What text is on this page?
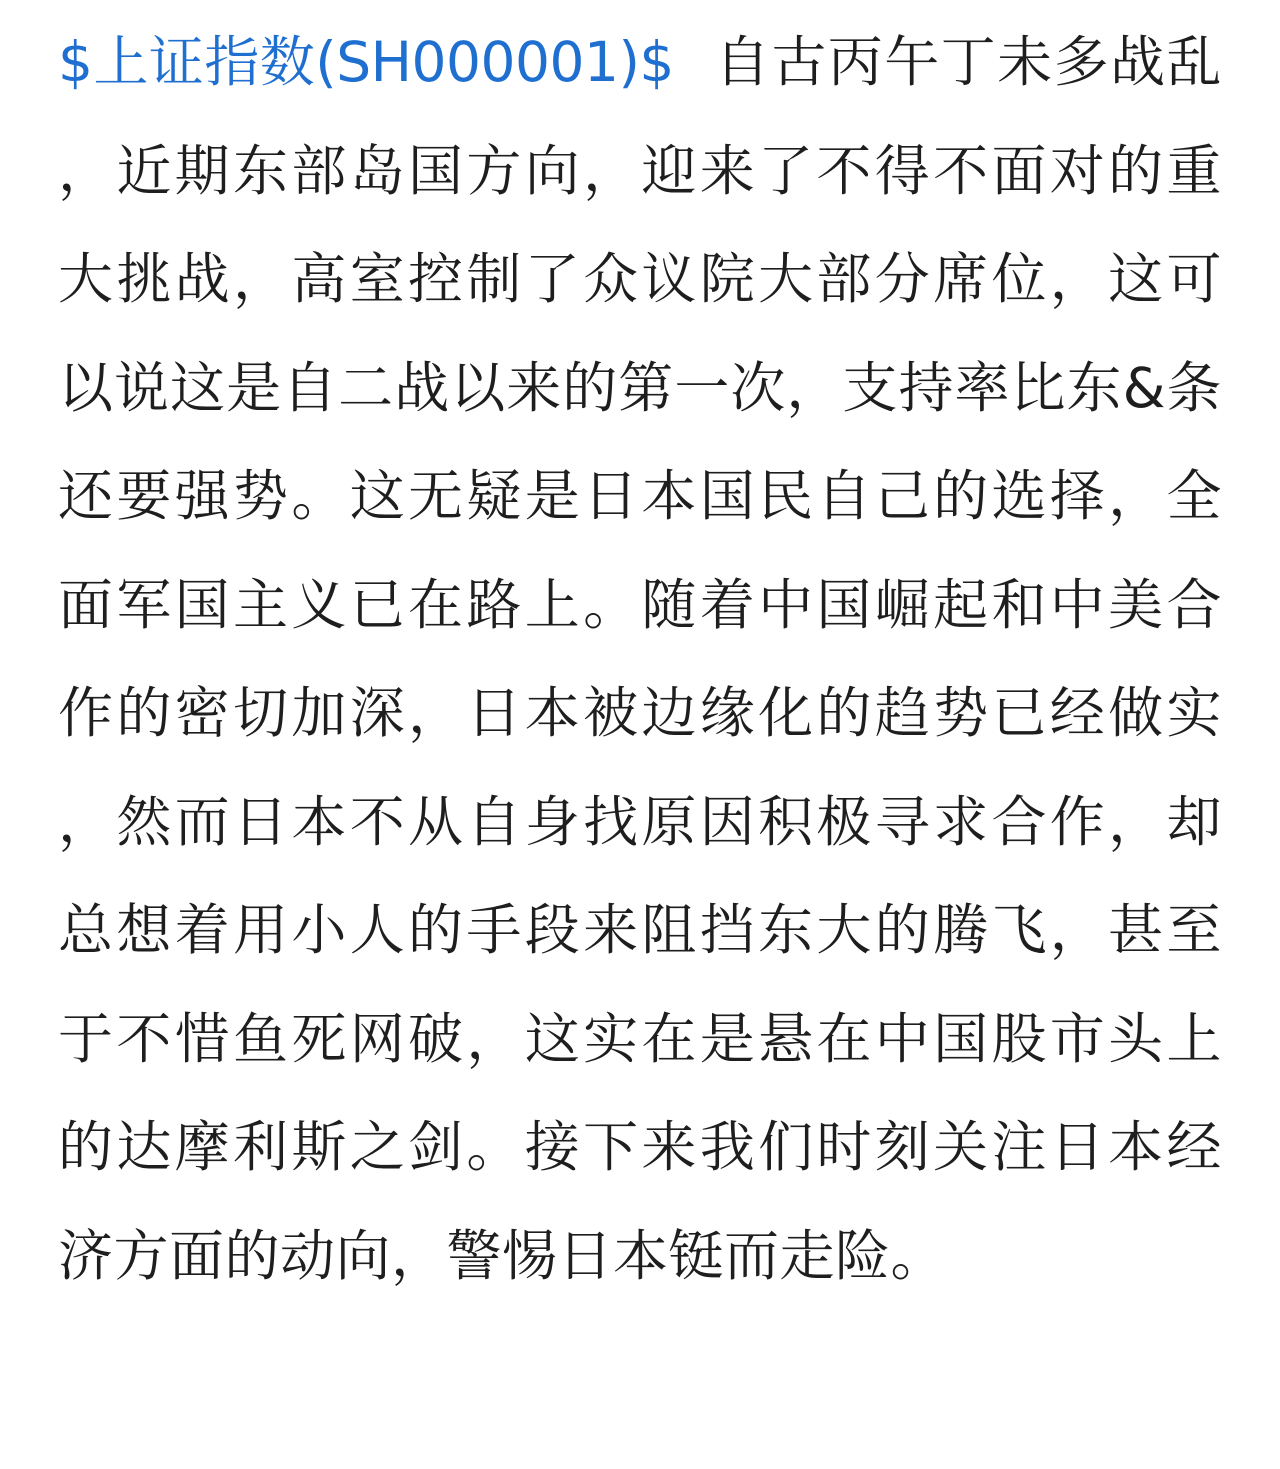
$上证指数(SH000001)$ 自古丙午丁未多战乱，近期东部岛国方向，迎来了不得不面对的重大挑战，高室控制了众议院大部分席位，这可以说这是自二战以来的第一次，支持率比东&条还要强势。这无疑是日本国民自己的选择，全面军国主义已在路上。随着中国崛起和中美合作的密切加深，日本被边缘化的趋势已经做实，然而日本不从自身找原因积极寻求合作，却总想着用小人的手段来阻挡东大的腾飞，甚至于不惜鱼死网破，这实在是悬在中国股市头上的达摩利斯之剑。接下来我们时刻关注日本经济方面的动向，警惕日本铤而走险。
